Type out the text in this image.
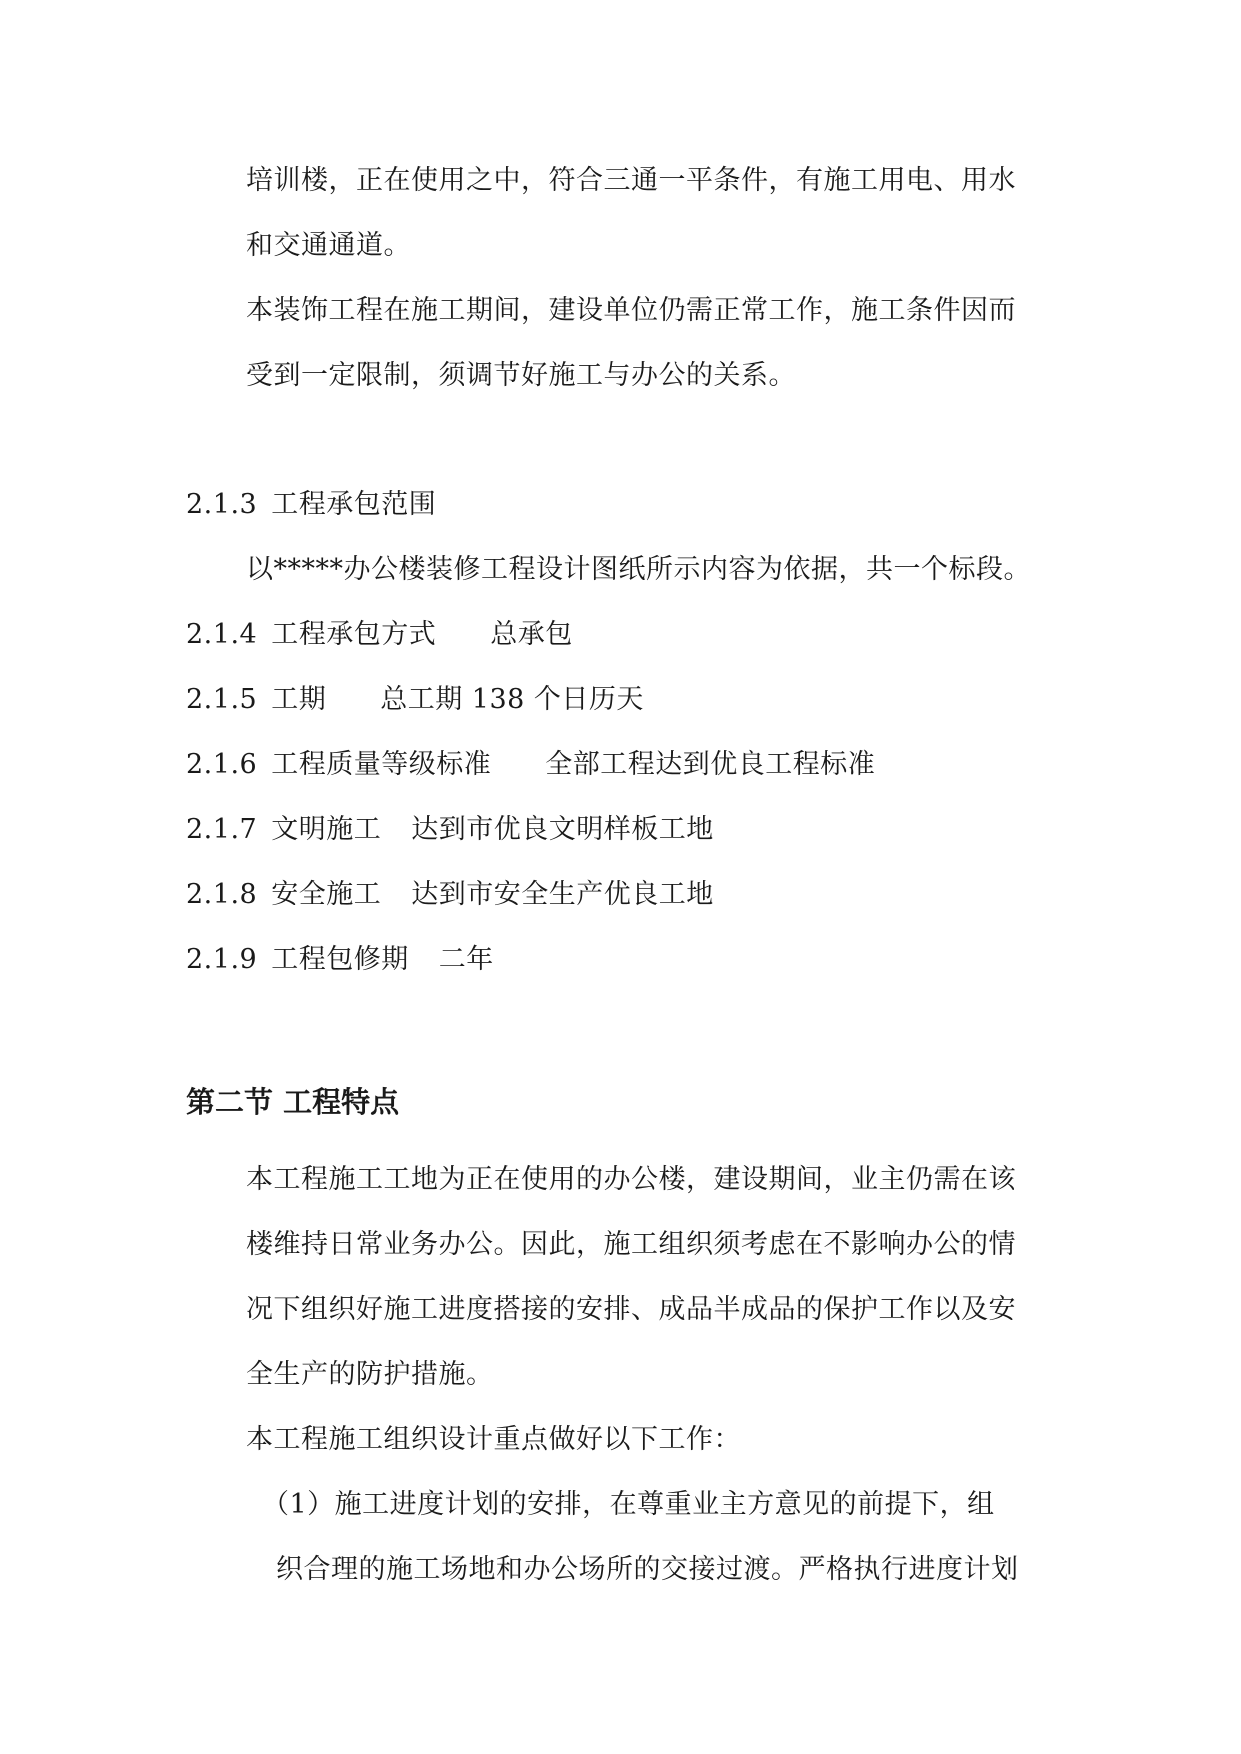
培训楼，正在使用之中，符合三通一平条件，有施工用电、用水
和交通通道。
本装饰工程在施工期间，建设单位仍需正常工作，施工条件因而
受到一定限制，须调节好施工与办公的关系。
2.1.3 工程承包范围
以*****办公楼装修工程设计图纸所示内容为依据，共一个标段。
2.1.4 工程承包方式 总承包
2.1.5 工期 总工期 138 个日历天
2.1.6 工程质量等级标准 全部工程达到优良工程标准
2.1.7 文明施工 达到市优良文明样板工地
2.1.8 安全施工 达到市安全生产优良工地
2.1.9 工程包修期 二年
第二节 工程特点
本工程施工工地为正在使用的办公楼，建设期间，业主仍需在该
楼维持日常业务办公。因此，施工组织须考虑在不影响办公的情
况下组织好施工进度搭接的安排、成品半成品的保护工作以及安
全生产的防护措施。
本工程施工组织设计重点做好以下工作：
（1）施工进度计划的安排，在尊重业主方意见的前提下，组
织合理的施工场地和办公场所的交接过渡。严格执行进度计划
